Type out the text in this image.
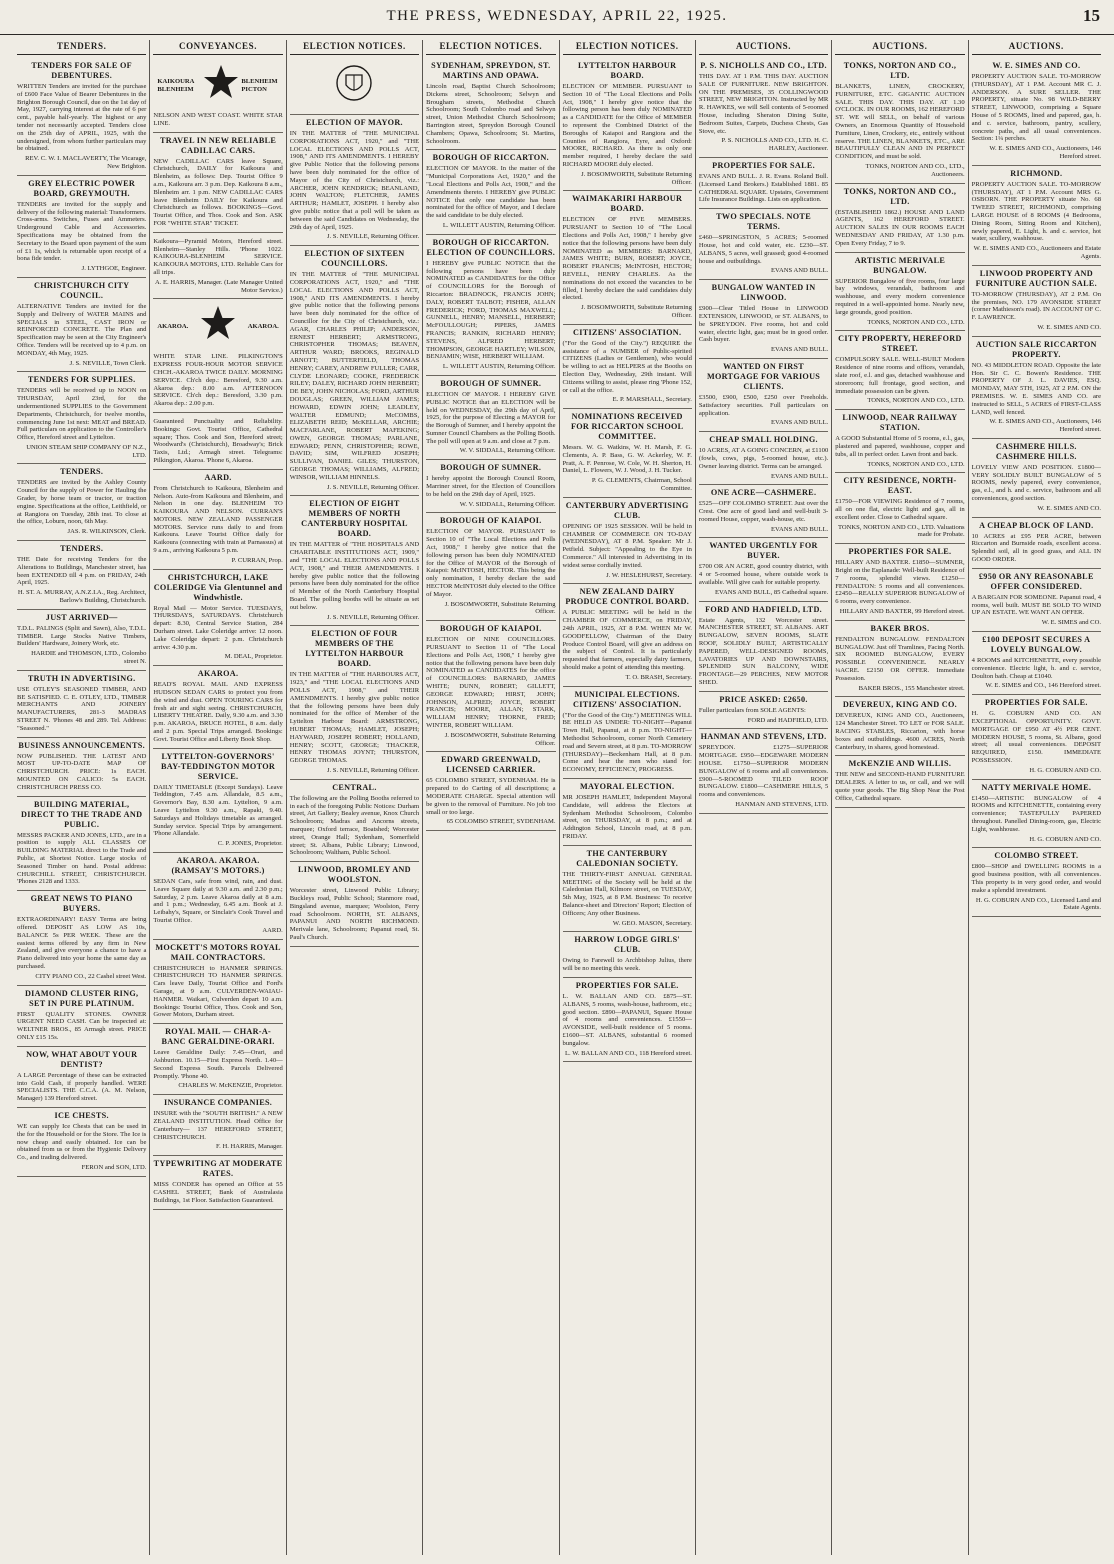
THE PRESS, WEDNESDAY, APRIL 22, 1925.	15
TENDERS.
TENDERS FOR SALE OF DEBENTURES.
WRITTEN Tenders are invited for the purchase of £600 Face Value of Bearer Debentures in the Brighton Borough Council, due on the 1st day of May, 1927, carrying interest at the rate of 6 per cent., payable half-yearly. The highest or any tender not necessarily accepted. Tenders close on the 25th day of APRIL, 1925, with the undersigned, from whom further particulars may be obtained.
REV. C. W. I. MACLAVERTY, The Vicarage, New Brighton.
GREY ELECTRIC POWER BOARD, GREYMOUTH.
TENDERS are invited for the supply and delivery of the following material: Transformers. Cross-arms. Switches, Fuses and Ammeters. Underground Cable and Accessories. Specifications may be obtained from the Secretary to the Board upon payment of the sum of £1 1s, which is returnable upon receipt of a bona fide tender.
J. LYTHGOE, Engineer.
CHRISTCHURCH CITY COUNCIL.
ALTERNATIVE Tenders are invited for the Supply and Delivery of WATER MAINS and SPECIALS in STEEL, CAST IRON or REINFORCED CONCRETE. The Plan and Specification may be seen at the City Engineer's Office. Tenders will be received up to 4 p.m. on MONDAY, 4th May, 1925.
J. S. NEVILLE, Town Clerk.
TENDERS FOR SUPPLIES.
TENDERS will be received up to NOON on THURSDAY, April 23rd, for the undermentioned SUPPLIES to the Government Departments, Christchurch, for twelve months, commencing June 1st next: MEAT and BREAD. Full particulars on application to the Controller's Office, Hereford street and Lyttelton.
UNION STEAM SHIP COMPANY OF N.Z., LTD.
TENDERS.
TENDERS are invited by the Ashley County Council for the supply of Power for Hauling the Grader, by horse team or tractor, or traction engine. Specifications at the office, Leithfield, or at Rangiora on Tuesday, 28th inst. To close at the office, Loburn, noon, 6th May.
JAS. R. WILKINSON, Clerk.
TENDERS.
THE Date for receiving Tenders for the Alterations to Buildings, Manchester street, has been EXTENDED till 4 p.m. on FRIDAY, 24th April, 1925.
H. ST. A. MURRAY, A.N.Z.I.A., Reg. Architect, Barlow's Building, Christchurch.
JUST ARRIVED—
T.D.L. PALINGS (Split and Sawn), Also, T.D.L. TIMBER. Large Stocks Native Timbers, Builders' Hardware, Joinery Work, etc.
HARDIE and THOMSON, LTD., Colombo street N.
TRUTH IN ADVERTISING.
USE OTLEY'S SEASONED TIMBER, AND BE SATISFIED. C. E. OTLEY, LTD., TIMBER MERCHANTS AND JOINERY MANUFACTURERS, 281-3 MADRAS STREET N. 'Phones 48 and 289. Tel. Address: "Seasoned."
BUSINESS ANNOUNCEMENTS.
NOW PUBLISHED. THE LATEST AND MOST UP-TO-DATE MAP OF CHRISTCHURCH. PRICE: 1s EACH. MOUNTED ON CALICO: 5s EACH. CHRISTCHURCH PRESS CO.
BUILDING MATERIAL, DIRECT TO THE TRADE AND PUBLIC.
MESSRS PACKER AND JONES, LTD., are in a position to supply ALL CLASSES OF BUILDING MATERIAL direct to the Trade and Public, at Shortest Notice. Large stocks of Seasoned Timber on hand. Postal address: CHURCHILL STREET, CHRISTCHURCH. 'Phones 2128 and 1333.
GREAT NEWS TO PIANO BUYERS.
EXTRAORDINARY! EASY Terms are being offered. DEPOSIT AS LOW AS 10s, BALANCE 5s PER WEEK. These are the easiest terms offered by any firm in New Zealand, and give everyone a chance to have a Piano delivered into your home the same day as purchased.
CITY PIANO CO., 22 Cashel street West.
DIAMOND CLUSTER RING, SET IN PURE PLATINUM.
FIRST QUALITY STONES. OWNER URGENT NEED CASH. Can be inspected at: WELTNER BROS., 85 Armagh street. PRICE ONLY £15 15s.
NOW, WHAT ABOUT YOUR DENTIST?
A LARGE Percentage of these can be extracted into Gold Cash, if properly handled. WERE SPECIALISTS. THE C.C.A. (A. M. Nelson, Manager) 139 Hereford street.
ICE CHESTS.
WE can supply Ice Chests that can be used in the for the Household or for the Store. The Ice is now cheap and easily obtained. Ice can be obtained from us or from the Hygienic Delivery Co., and trading delivered.
FERON and SON, LTD.
CONVEYANCES.
KAIKOURA BLENHEIM
BLENHEIM PICTON
NELSON AND WEST COAST. WHITE STAR LINE.
TRAVEL IN NEW RELIABLE CADILLAC CARS.
NEW CADILLAC CARS leave Square, Christchurch, DAILY for Kaikoura and Blenheim, as follows: Dep. Tourist Office 9 a.m., Kaikoura arr. 3 p.m. Dep. Kaikoura 8 a.m., Blenheim arr. 1 p.m. NEW CADILLAC CARS leave Blenheim DAILY for Kaikoura and Christchurch as follows. BOOKINGS—Govt. Tourist Office, and Thos. Cook and Son. ASK FOR "WHITE STAR" TICKET.
Kaikoura—Pyramid Motors, Hereford street. Blenheim—Stanley Hills. 'Phone 1022. KAIKOURA-BLENHEIM SERVICE. KAIKOURA MOTORS, LTD. Reliable Cars for all trips.
A. E. HARRIS, Manager. (Late Manager United Motor Service.)
AKAROA.	AKAROA.
WHITE STAR LINE. PILKINGTON'S EXPRESS FOUR-HOUR MOTOR SERVICE CHCH.-AKAROA TWICE DAILY. MORNING SERVICE. Ch'ch dep.: Beresford, 9.30 a.m. Akaroa dep.: 8.00 a.m. AFTERNOON SERVICE. Ch'ch dep.: Beresford, 3.30 p.m. Akaroa dep.: 2.00 p.m.
Guaranteed Punctuality and Reliability. Bookings: Govt. Tourist Office, Cathedral square; Thos. Cook and Son, Hereford street; Woodward's (Christchurch), Broadway's; Brick Taxis, Ltd.; Armagh street. Telegrams: Pilkington, Akaroa. 'Phone 6, Akaroa.
AARD.
From Christchurch to Kaikoura, Blenheim and Nelson. Auto-from Kaikoura and Blenheim, and Nelson in one day. BLENHEIM TO KAIKOURA AND NELSON. CURRAN'S MOTORS. NEW ZEALAND PASSENGER MOTORS. Service runs daily to and from Kaikoura. Leave Tourist Office daily for Kaikoura (connecting with train at Parnassus) at 9 a.m., arriving Kaikoura 5 p.m.
P. CURRAN, Prop.
CHRISTCHURCH, LAKE COLERIDGE Via Glentunnel and Windwhistle.
Royal Mail — Motor Service. TUESDAYS, THURSDAYS, SATURDAYS. Christchurch depart: 8.30, Central Service Station, 284 Durham street. Lake Coleridge arrive: 12 noon. Lake Coleridge depart: 2 p.m. Christchurch arrive: 4.30 p.m.
M. DEAL, Proprietor.
AKAROA.
READ'S ROYAL MAIL AND EXPRESS HUDSON SEDAN CARS to protect you from the wind and dust. OPEN TOURING CARS for fresh air and sight seeing. CHRISTCHURCH, LIBERTY THEATRE. Daily, 9.30 a.m. and 3.30 p.m. AKAROA, BRUCE HOTEL, 8 a.m. daily and 2 p.m. Special Trips arranged. Bookings: Govt. Tourist Office and Liberty Book Shop.
LYTTELTON-GOVERNORS' BAY-TEDDINGTON MOTOR SERVICE.
DAILY TIMETABLE (Except Sundays). Leave Teddington, 7.45 a.m. Allandale, 8.5 a.m., Governor's Bay, 8.30 a.m. Lyttelton, 9 a.m. Leave Lyttelton 9.30 a.m., Rapaki, 9.40. Saturdays and Holidays timetable as arranged. Sunday service. Special Trips by arrangement. 'Phone Allandale.
C. P. JONES, Proprietor.
AKAROA. AKAROA. (RAMSAY'S MOTORS.)
SEDAN Cars, safe from wind, rain, and dust. Leave Square daily at 9.30 a.m. and 2.30 p.m.; Saturday, 2 p.m. Leave Akaroa daily at 8 a.m. and 1 p.m.; Wednesday, 6.45 a.m. Book at J. Leibahy's, Square, or Sinclair's Cook Travel and Tourist Office.
AARD.
MOCKETT'S MOTORS ROYAL MAIL CONTRACTORS.
CHRISTCHURCH to HANMER SPRINGS. CHRISTCHURCH TO HANMER SPRINGS. Cars leave Daily, Tourist Office and Ford's Garage, at 9 a.m. CULVERDEN-WAIAU-HANMER. Waikari, Culverden depart 10 a.m. Bookings: Tourist Office, Thos. Cook and Son, Gower Motors, Durham street.
ROYAL MAIL — CHAR-A-BANC GERALDINE-ORARI.
Leave Geraldine Daily: 7.45—Orari, and Ashburton. 10.15—First Express North. 1.40—Second Express South. Parcels Delivered Promptly. 'Phone 40.
CHARLES W. McKENZIE, Proprietor.
INSURANCE COMPANIES.
INSURE with the "SOUTH BRITISH." A NEW ZEALAND INSTITUTION. Head Office for Canterbury— 137 HEREFORD STREET, CHRISTCHURCH.
F. H. HARRIS, Manager.
TYPEWRITING AT MODERATE RATES.
MISS CONDER has opened an Office at 55 CASHEL STREET, Bank of Australasia Buildings, 1st Floor. Satisfaction Guaranteed.
ELECTION NOTICES.
ELECTION OF MAYOR.
IN THE MATTER of "THE MUNICIPAL CORPORATIONS ACT, 1920," and "THE LOCAL ELECTIONS AND POLLS ACT, 1908," AND ITS AMENDMENTS. I HEREBY give Public Notice that the following persons have been duly nominated for the office of Mayor of the City of Christchurch, viz.: ARCHER, JOHN KENDRICK; BEANLAND, JOHN WALTON; FLETCHER, JAMES ARTHUR; HAMLET, JOSEPH. I hereby also give public notice that a poll will be taken as between the said Candidates on Wednesday, the 29th day of April, 1925.
J. S. NEVILLE, Returning Officer.
ELECTION OF SIXTEEN COUNCILLORS.
IN THE MATTER of "THE MUNICIPAL CORPORATIONS ACT, 1920," and "THE LOCAL ELECTIONS AND POLLS ACT, 1908," AND ITS AMENDMENTS. I hereby give public notice that the following persons have been duly nominated for the office of Councillor for the City of Christchurch, viz.: AGAR, CHARLES PHILIP; ANDERSON, ERNEST HERBERT; ARMSTRONG, CHRISTOPHER THOMAS; BEAVEN, ARTHUR WARD; BROOKS, REGINALD ARNOTT; BUTTERFIELD, THOMAS HENRY; CAREY, ANDREW FULLER; CARR, CLYDE LEONARD; COOKE, FREDERICK RILEY; DALEY, RICHARD JOHN HERBERT; DE BEY, JOHN NICHOLAS; FORD, ARTHUR DOUGLAS; GREEN, WILLIAM JAMES; HOWARD, EDWIN JOHN; LEADLEY, WALTER EDMUND; McCOMBS, ELIZABETH REID; McKELLAR, ARCHIE; MACFARLANE, ROBERT MAFEKING; OWEN, GEORGE THOMAS; PARLANE, EDWARD; PENN, CHRISTOPHER; ROWE, DAVID; SIM, WILFRED JOSEPH; SULLIVAN, DANIEL GILES; THURSTON, GEORGE THOMAS; WILLIAMS, ALFRED; WINSOR, WILLIAM HINNELS.
J. S. NEVILLE, Returning Officer.
ELECTION OF EIGHT MEMBERS OF NORTH CANTERBURY HOSPITAL BOARD.
IN THE MATTER of "THE HOSPITALS AND CHARITABLE INSTITUTIONS ACT, 1909," and "THE LOCAL ELECTIONS AND POLLS ACT, 1908," and THEIR AMENDMENTS. I hereby give public notice that the following persons have been duly nominated for the office of Member of the North Canterbury Hospital Board. The polling booths will be situate as set out below.
J. S. NEVILLE, Returning Officer.
ELECTION OF FOUR MEMBERS OF THE LYTTELTON HARBOUR BOARD.
IN THE MATTER of "THE HARBOURS ACT, 1923," and "THE LOCAL ELECTIONS AND POLLS ACT, 1908," and THEIR AMENDMENTS. I hereby give public notice that the following persons have been duly nominated for the office of Member of the Lyttelton Harbour Board: ARMSTRONG, HUBERT THOMAS; HAMLET, JOSEPH; HAYWARD, JOSEPH ROBERT; HOLLAND, HENRY; SCOTT, GEORGE; THACKER, HENRY THOMAS JOYNT; THURSTON, GEORGE THOMAS.
J. S. NEVILLE, Returning Officer.
CENTRAL.
The following are the Polling Booths referred to in each of the foregoing Public Notices: Durham street, Art Gallery; Bealey avenue, Knox Church Schoolroom; Madras and Ancorns streets, marquee; Oxford terrace, Boatshed; Worcester street, Orange Hall; Sydenham, Somerfield street; St. Albans, Public Library; Linwood, Schoolroom; Waltham, Public School.
LINWOOD, BROMLEY AND WOOLSTON.
Worcester street, Linwood Public Library; Buckleys road, Public School; Stanmore road, Bingsland avenue, marquee; Woolston, Ferry road Schoolroom. NORTH, ST. ALBANS, PAPANUI AND NORTH RICHMOND. Merivale lane, Schoolroom; Papanui road, St. Paul's Church.
ELECTION NOTICES.
SYDENHAM, SPREYDON, ST. MARTINS AND OPAWA.
Lincoln road, Baptist Church Schoolroom; Dickens street, Schoolroom; Selwyn and Brougham streets, Methodist Church Schoolroom; South Colombo road and Selwyn street, Union Methodist Church Schoolroom; Barrington street, Spreydon Borough Council Chambers; Opawa, Schoolroom; St. Martins, Schoolroom.
BOROUGH OF RICCARTON.
ELECTION OF MAYOR. In the matter of the "Municipal Corporations Act, 1920," and the "Local Elections and Polls Act, 1908," and the Amendments thereto. I HEREBY give PUBLIC NOTICE that only one candidate has been nominated for the office of Mayor, and I declare the said candidate to be duly elected.
L. WILLETT AUSTIN, Returning Officer.
BOROUGH OF RICCARTON. ELECTION OF COUNCILLORS.
I HEREBY give PUBLIC NOTICE that the following persons have been duly NOMINATED as CANDIDATES for the Office of COUNCILLORS for the Borough of Riccarton: BRADNOCK, FRANCIS JOHN; DALY, ROBERT TALBOT; FISHER, ALLAN FREDERICK; FORD, THOMAS MAXWELL; GUNNELL, HENRY; MANSELL, HERBERT; McFOULLOUGH; PIPERS, JAMES FRANCIS; RANKIN, RICHARD HENRY; STEVENS, ALFRED HERBERT; THOMPSON, GEORGE HARTLEY; WILSON, BENJAMIN; WISE, HERBERT WILLIAM.
L. WILLETT AUSTIN, Returning Officer.
BOROUGH OF SUMNER.
ELECTION OF MAYOR. I HEREBY GIVE PUBLIC NOTICE that an ELECTION will be held on WEDNESDAY, the 29th day of April, 1925, for the purpose of Electing a MAYOR for the Borough of Sumner, and I hereby appoint the Sumner Council Chambers as the Polling Booth. The poll will open at 9 a.m. and close at 7 p.m.
W. V. SIDDALL, Returning Officer.
BOROUGH OF SUMNER.
I hereby appoint the Borough Council Room, Marriner street, for the Election of Councillors to be held on the 29th day of April, 1925.
W. V. SIDDALL, Returning Officer.
BOROUGH OF KAIAPOI.
ELECTION OF MAYOR. PURSUANT to Section 10 of "The Local Elections and Polls Act, 1908," I hereby give notice that the following person has been duly NOMINATED for the Office of MAYOR of the Borough of Kaiapoi: McINTOSH, HECTOR. This being the only nomination, I hereby declare the said HECTOR McINTOSH duly elected to the Office of Mayor.
J. BOSOMWORTH, Substitute Returning Officer.
BOROUGH OF KAIAPOI.
ELECTION OF NINE COUNCILLORS. PURSUANT to Section 11 of "The Local Elections and Polls Act, 1908," I hereby give notice that the following persons have been duly NOMINATED as CANDIDATES for the office of COUNCILLORS: BARNARD, JAMES WHITE; DUNN, ROBERT; GILLETT, GEORGE EDWARD; HIRST, JOHN; JOHNSON, ALFRED; JOYCE, ROBERT FRANCIS; MOORE, ALLAN; STARK, WILLIAM HENRY; THORNE, FRED; WINTER, ROBERT WILLIAM.
J. BOSOMWORTH, Substitute Returning Officer.
EDWARD GREENWALD, LICENSED CARRIER.
65 COLOMBO STREET, SYDENHAM. He is prepared to do Carting of all descriptions; a MODERATE CHARGE. Special attention will be given to the removal of Furniture. No job too small or too large.
65 COLOMBO STREET, SYDENHAM.
ELECTION NOTICES.
LYTTELTON HARBOUR BOARD.
ELECTION OF MEMBER. PURSUANT to Section 10 of "The Local Elections and Polls Act, 1908," I hereby give notice that the following person has been duly NOMINATED as a CANDIDATE for the Office of MEMBER to represent the Combined District of the Boroughs of Kaiapoi and Rangiora and the Counties of Rangiora, Eyre, and Oxford: MOORE, RICHARD. As there is only one member required, I hereby declare the said RICHARD MOORE duly elected.
J. BOSOMWORTH, Substitute Returning Officer.
WAIMAKARIRI HARBOUR BOARD.
ELECTION OF FIVE MEMBERS. PURSUANT to Section 10 of "The Local Elections and Polls Act, 1908," I hereby give notice that the following persons have been duly NOMINATED as MEMBERS: BARNARD, JAMES WHITE; BURN, ROBERT; JOYCE, ROBERT FRANCIS; McINTOSH, HECTOR; REVELL, HENRY CHARLES. As the nominations do not exceed the vacancies to be filled, I hereby declare the said candidates duly elected.
J. BOSOMWORTH, Substitute Returning Officer.
CITIZENS' ASSOCIATION.
("For the Good of the City.") REQUIRE the assistance of a NUMBER of Public-spirited CITIZENS (Ladies or Gentlemen), who would be willing to act as HELPERS at the Booths on Election Day, Wednesday, 29th instant. Will Citizens willing to assist, please ring 'Phone 152, or call at the office.
E. P. MARSHALL, Secretary.
NOMINATIONS RECEIVED FOR RICCARTON SCHOOL COMMITTEE.
Messrs. W. G. Watkins, W. H. Marsh, F. G. Clements, A. P. Bass, G. W. Ackerley, W. F. Pratt, A. F. Penrose, W. Cole, W. H. Sherton, H. Daniel, L. Flowers, W. J. Wood, J. H. Tucker.
P. G. CLEMENTS, Chairman, School Committee.
CANTERBURY ADVERTISING CLUB.
OPENING OF 1925 SESSION. Will be held in CHAMBER OF COMMERCE ON TO-DAY (WEDNESDAY), AT 8 P.M. Speaker: Mr J. Petfield. Subject: "Appealing to the Eye in Commerce." All interested in Advertising in its widest sense cordially invited.
J. W. HESLEHURST, Secretary.
NEW ZEALAND DAIRY PRODUCE CONTROL BOARD.
A PUBLIC MEETING will be held in the CHAMBER OF COMMERCE, on FRIDAY, 24th APRIL, 1925, AT 8 P.M. WHEN Mr W. GOODFELLOW, Chairman of the Dairy Produce Control Board, will give an address on the subject of Control. It is particularly requested that farmers, especially dairy farmers, should make a point of attending this meeting.
T. O. BRASH, Secretary.
MUNICIPAL ELECTIONS. CITIZENS' ASSOCIATION.
("For the Good of the City.") MEETINGS WILL BE HELD AS UNDER: TO-NIGHT—Papanui Town Hall, Papanui, at 8 p.m. TO-NIGHT—Methodist Schoolroom, corner North Cemetery road and Severn street, at 8 p.m. TO-MORROW (THURSDAY)—Beckenham Hall, at 8 p.m. Come and hear the men who stand for: ECONOMY, EFFICIENCY, PROGRESS.
MAYORAL ELECTION.
MR JOSEPH HAMLET, Independent Mayoral Candidate, will address the Electors at Sydenham Methodist Schoolroom, Colombo street, on THURSDAY, at 8 p.m.; and at Addington School, Lincoln road, at 8 p.m. FRIDAY.
THE CANTERBURY CALEDONIAN SOCIETY.
THE THIRTY-FIRST ANNUAL GENERAL MEETING of the Society will be held at the Caledonian Hall, Kilmore street, on TUESDAY, 5th May, 1925, at 8 P.M. Business: To receive Balance-sheet and Directors' Report; Election of Officers; Any other Business.
W. GEO. MASON, Secretary.
HARROW LODGE GIRLS' CLUB.
Owing to Farewell to Archbishop Julius, there will be no meeting this week.
PROPERTIES FOR SALE.
L. W. BALLAN AND CO. £875—ST. ALBANS, 5 rooms, wash-house, bathroom, etc.; good section. £890—PAPANUI, Square House of 4 rooms and conveniences. £1550—AVONSIDE, well-built residence of 5 rooms. £1600—ST. ALBANS, substantial 6 roomed bungalow.
L. W. BALLAN AND CO., 118 Hereford street.
AUCTIONS.
P. S. NICHOLLS AND CO., LTD.
THIS DAY. AT 1 P.M. THIS DAY. AUCTION SALE OF FURNITURE. NEW BRIGHTON. ON THE PREMISES, 35 COLLINGWOOD STREET, NEW BRIGHTON. Instructed by MR R. HAWKES, we will Sell contents of 5-roomed House, including Sheraton Dining Suite, Bedroom Suites, Carpets, Duchess Chests, Gas Stove, etc.
P. S. NICHOLLS AND CO., LTD. H. C. HARLEY, Auctioneer.
PROPERTIES FOR SALE.
EVANS AND BULL. J. R. Evans. Roland Bull. (Licensed Land Brokers.) Established 1881. 85 CATHEDRAL SQUARE. Upstairs, Government Life Insurance Buildings. Lists on application.
TWO SPECIALS. NOTE TERMS.
£460—SPRINGSTON, 5 ACRES; 5-roomed House, hot and cold water, etc. £230—ST. ALBANS, 5 acres, well grassed; good 4-roomed house and outbuildings.
EVANS AND BULL.
BUNGALOW WANTED IN LINWOOD.
£900—Clear Titled House in LINWOOD EXTENSION, LINWOOD, or ST. ALBANS, to be SPREYDON. Five rooms, hot and cold water, electric light, gas; must be in good order. Cash buyer.
EVANS AND BULL.
WANTED ON FIRST MORTGAGE FOR VARIOUS CLIENTS.
£3500, £900, £500, £250 over Freeholds. Satisfactory securities. Full particulars on application.
EVANS AND BULL.
CHEAP SMALL HOLDING.
10 ACRES, AT A GOING CONCERN, at £1100 (fowls, cows, pigs, 5-roomed house, etc.). Owner leaving district. Terms can be arranged.
EVANS AND BULL.
ONE ACRE—CASHMERE.
£525—OFF COLOMBO STREET. Just over the Crest. One acre of good land and well-built 3-roomed House, copper, wash-house, etc.
EVANS AND BULL.
WANTED URGENTLY FOR BUYER.
£700 OR AN ACRE, good country district, with 4 or 5-roomed house, where outside work is available. Will give cash for suitable property.
EVANS AND BULL, 85 Cathedral square.
FORD AND HADFIELD, LTD.
Estate Agents, 132 Worcester street. MANCHESTER STREET, ST. ALBANS. ART BUNGALOW, SEVEN ROOMS, SLATE ROOF, SOLIDLY BUILT, ARTISTICALLY PAPERED, WELL-DESIGNED ROOMS, LAVATORIES UP AND DOWNSTAIRS, SPLENDID SUN BALCONY, WIDE FRONTAGE—29 PERCHES, NEW MOTOR SHED.
PRICE ASKED: £2650.
Fuller particulars from SOLE AGENTS:
FORD and HADFIELD, LTD.
HANMAN AND STEVENS, LTD.
SPREYDON. £1275—SUPERIOR MORTGAGE. £950—EDGEWARE MODERN HOUSE. £1750—SUPERIOR MODERN BUNGALOW of 6 rooms and all conveniences. £900—5-ROOMED TILED ROOF BUNGALOW. £1800—CASHMERE HILLS, 5 rooms and conveniences.
HANMAN AND STEVENS, LTD.
AUCTIONS.
TONKS, NORTON AND CO., LTD.
BLANKETS, LINEN, CROCKERY, FURNITURE, ETC. GIGANTIC AUCTION SALE. THIS DAY. THIS DAY. AT 1.30 O'CLOCK. IN OUR ROOMS, 162 HEREFORD ST. WE will SELL, on behalf of various Owners, an Enormous Quantity of Household Furniture, Linen, Crockery, etc., entirely without reserve. THE LINEN, BLANKETS, ETC., ARE BEAUTIFULLY CLEAN AND IN PERFECT CONDITION, and must be sold.
TONKS, NORTON AND CO., LTD., Auctioneers.
TONKS, NORTON AND CO., LTD.
(ESTABLISHED 1862.) HOUSE AND LAND AGENTS, 162 HEREFORD STREET. AUCTION SALES IN OUR ROOMS EACH WEDNESDAY AND FRIDAY, AT 1.30 p.m. Open Every Friday, 7 to 9.
ARTISTIC MERIVALE BUNGALOW.
SUPERIOR Bungalow of five rooms, four large bay windows, verandah, bathroom and washhouse, and every modern convenience required in a well-appointed home. Nearly new, large grounds, good position.
TONKS, NORTON AND CO., LTD.
CITY PROPERTY, HEREFORD STREET.
COMPULSORY SALE. WELL-BUILT Modern Residence of nine rooms and offices, verandah, slate roof, e.l. and gas, detached washhouse and storeroom; full frontage, good section, and immediate possession can be given.
TONKS, NORTON AND CO., LTD.
LINWOOD, NEAR RAILWAY STATION.
A GOOD Substantial Home of 5 rooms, e.l., gas, plastered and papered, washhouse, copper and tubs, all in perfect order. Lawn front and back.
TONKS, NORTON AND CO., LTD.
CITY RESIDENCE, NORTH-EAST.
£1750—FOR VIEWING Residence of 7 rooms, all on one flat, electric light and gas, all in excellent order. Close to Cathedral square.
TONKS, NORTON AND CO., LTD. Valuations made for Probate.
PROPERTIES FOR SALE.
HILLARY AND BAXTER. £1850—SUMNER, Bright on the Esplanade: Well-built Residence of 7 rooms, splendid views. £1250—FENDALTON: 5 rooms and all conveniences. £2450—REALLY SUPERIOR BUNGALOW of 6 rooms, every convenience.
HILLARY AND BAXTER, 99 Hereford street.
BAKER BROS.
FENDALTON BUNGALOW. FENDALTON BUNGALOW. Just off Tramlines, Facing North. SIX ROOMED BUNGALOW, EVERY POSSIBLE CONVENIENCE. NEARLY ¼ACRE. £2150 OR OFFER. Immediate Possession.
BAKER BROS., 155 Manchester street.
DEVEREUX, KING AND CO.
DEVEREUX, KING AND CO., Auctioneers, 124 Manchester Street. TO LET or FOR SALE. RACING STABLES, Riccarton, with horse boxes and outbuildings. 4600 ACRES, North Canterbury, in shares, good homestead.
McKENZIE AND WILLIS.
THE NEW and SECOND-HAND FURNITURE DEALERS. A letter to us, or call, and we will quote your goods. The Big Shop Near the Post Office, Cathedral square.
AUCTIONS.
W. E. SIMES AND CO.
PROPERTY AUCTION SALE. TO-MORROW (THURSDAY), AT 1 P.M. Account MR C. J. ANDERSON. A SURE SELLER. THE PROPERTY, situate No. 98 WILD-BERRY STREET, LINWOOD, comprising a Square House of 5 ROOMS, lined and papered, gas, h. and c. service, bathroom, pantry, scullery, concrete paths, and all usual conveniences. Section: 1¼ perches.
W. E. SIMES AND CO., Auctioneers, 146 Hereford street.
RICHMOND.
PROPERTY AUCTION SALE. TO-MORROW (THURSDAY), AT 1 P.M. Account MRS G. OSBORN. THE PROPERTY situate No. 68 TWEED STREET, RICHMOND, comprising LARGE HOUSE of 8 ROOMS (4 Bedrooms, Dining Room, Sitting Room and Kitchen), newly papered, E. Light, h. and c. service, hot water, scullery, washhouse.
W. E. SIMES AND CO., Auctioneers and Estate Agents.
LINWOOD PROPERTY AND FURNITURE AUCTION SALE.
TO-MORROW (THURSDAY), AT 2 P.M. On the premises, NO. 179 AVONSIDE STREET (corner Mathieson's road). IN ACCOUNT OF C. F. LAWRENCE.
W. E. SIMES AND CO.
AUCTION SALE RICCARTON PROPERTY.
NO. 43 MIDDLETON ROAD. Opposite the late Hon. Sir C. C. Bowen's Residence. THE PROPERTY OF J. L. DAVIES, ESQ. MONDAY, MAY 5TH, 1925, AT 2 P.M. ON the PREMISES. W. E. SIMES AND CO. are instructed to SELL, 5 ACRES of FIRST-CLASS LAND, well fenced.
W. E. SIMES AND CO., Auctioneers, 146 Hereford street.
CASHMERE HILLS. CASHMERE HILLS.
LOVELY VIEW AND POSITION. £1800—VERY SOLIDLY BUILT BUNGALOW of 5 ROOMS, newly papered, every convenience, gas, e.l., and h. and c. service, bathroom and all conveniences, good section.
W. E. SIMES AND CO.
A CHEAP BLOCK OF LAND.
10 ACRES at £95 PER ACRE, between Riccarton and Burnside roads, excellent access. Splendid soil, all in good grass, and ALL IN GOOD ORDER.
£950 OR ANY REASONABLE OFFER CONSIDERED.
A BARGAIN FOR SOMEONE. Papanui road, 4 rooms, well built. MUST BE SOLD TO WIND UP AN ESTATE. WE WANT AN OFFER.
W. E. SIMES and CO.
£100 DEPOSIT SECURES A LOVELY BUNGALOW.
4 ROOMS and KITCHENETTE, every possible convenience. Electric light, h. and c. service, Doulton bath. Cheap at £1040.
W. E. SIMES and CO., 146 Hereford street.
PROPERTIES FOR SALE.
H. G. COBURN AND CO. AN EXCEPTIONAL OPPORTUNITY. GOVT. MORTGAGE OF £950 AT 4½ PER CENT. MODERN HOUSE, 5 rooms, St. Albans, good street; all usual conveniences. DEPOSIT REQUIRED, £150. IMMEDIATE POSSESSION.
H. G. COBURN AND CO.
NATTY MERIVALE HOME.
£1450—ARTISTIC BUNGALOW of 4 ROOMS and KITCHENETTE, containing every convenience; TASTEFULLY PAPERED throughout. Panelled Dining-room, gas, Electric Light, washhouse.
H. G. COBURN AND CO.
COLOMBO STREET.
£800—SHOP and DWELLING ROOMS in a good business position, with all conveniences. This property is in very good order, and would make a splendid investment.
H. G. COBURN AND CO., Licensed Land and Estate Agents.
